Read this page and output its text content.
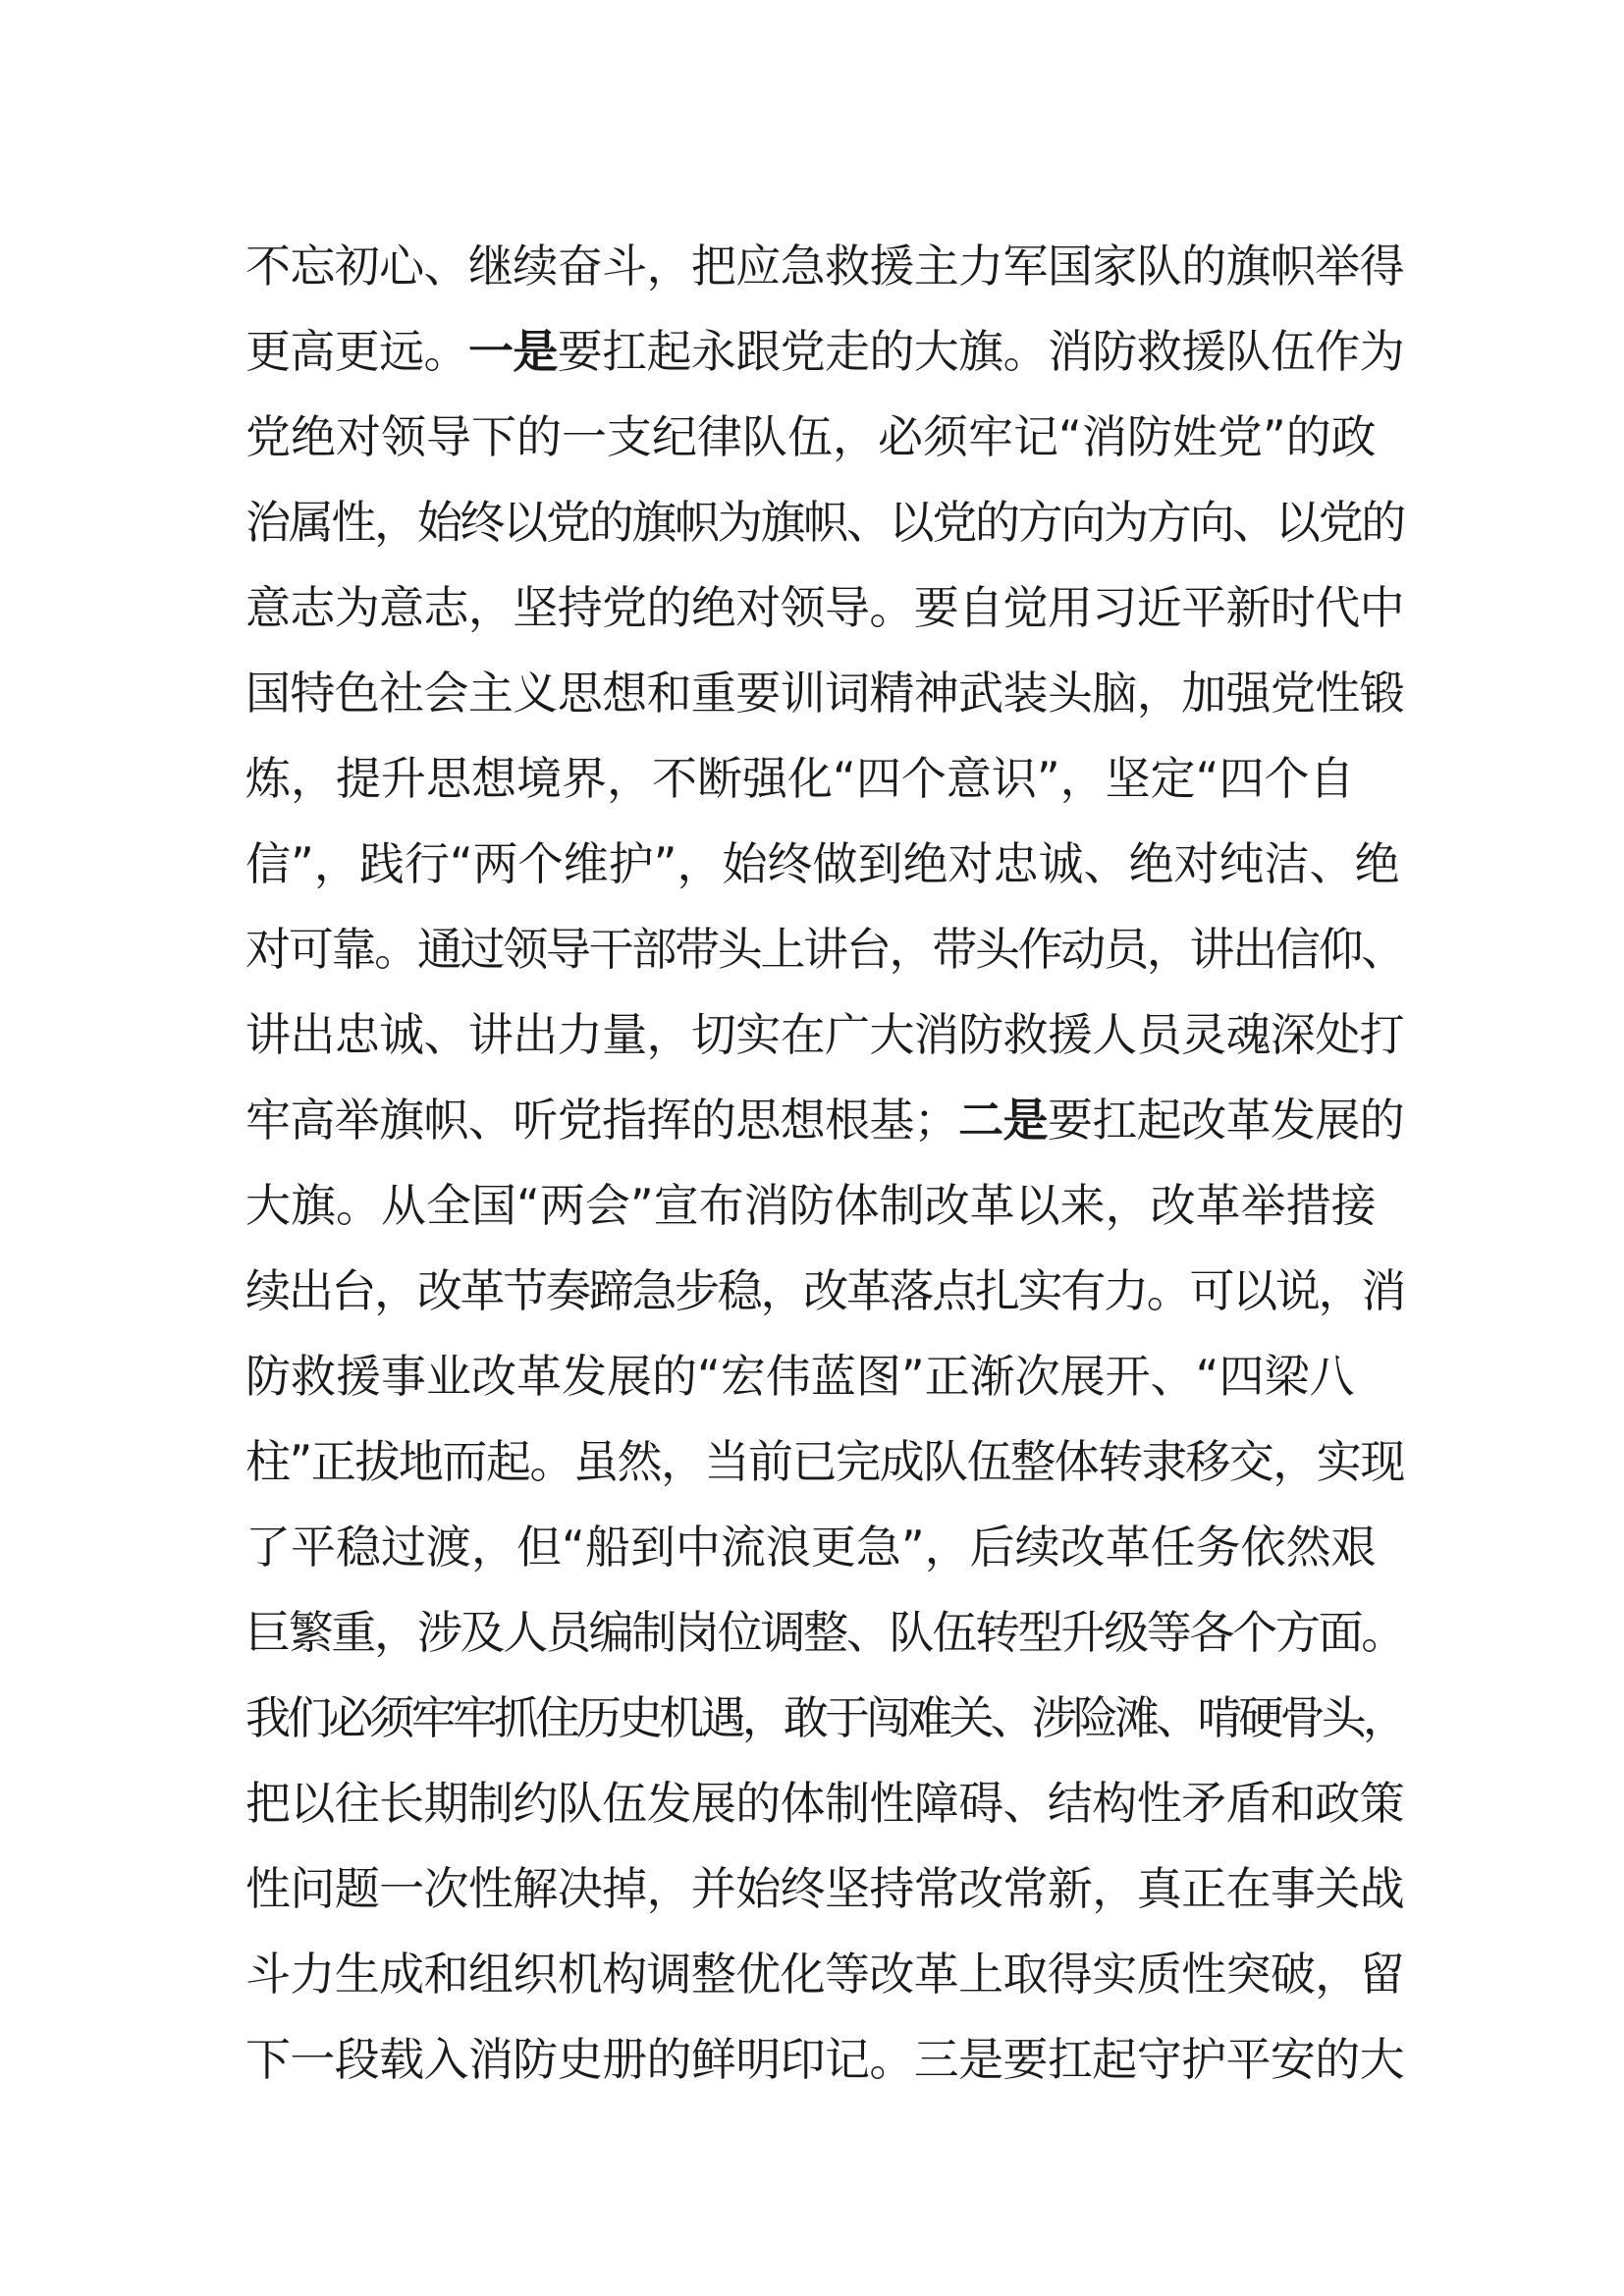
不忘初心、继续奋斗，把应急救援主力军国家队的旗帜举得
更高更远。一是要扛起永跟党走的大旗。消防救援队伍作为
党绝对领导下的一支纪律队伍，必须牢记“消防姓党”的政
治属性，始终以党的旗帜为旗帜、以党的方向为方向、以党的
意志为意志，坚持党的绝对领导。要自觉用习近平新时代中
国特色社会主义思想和重要训词精神武装头脑，加强党性锻
炼，提升思想境界，不断强化“四个意识”，坚定“四个自
信”，践行“两个维护”，始终做到绝对忠诚、绝对纯洁、绝
对可靠。通过领导干部带头上讲台，带头作动员，讲出信仰、
讲出忠诚、讲出力量，切实在广大消防救援人员灵魂深处打
牢高举旗帜、听党指挥的思想根基；二是要扛起改革发展的
大旗。从全国“两会”宣布消防体制改革以来，改革举措接
续出台，改革节奏蹄急步稳，改革落点扎实有力。可以说，消
防救援事业改革发展的“宏伟蓝图”正渐次展开、“四梁八
柱”正拔地而起。虽然，当前已完成队伍整体转隶移交，实现
了平稳过渡，但“船到中流浪更急”，后续改革任务依然艰
巨繁重，涉及人员编制岗位调整、队伍转型升级等各个方面。
我们必须牢牢抓住历史机遇，敢于闯难关、涉险滩、啃硬骨头，
把以往长期制约队伍发展的体制性障碍、结构性矛盾和政策
性问题一次性解决掉，并始终坚持常改常新，真正在事关战
斗力生成和组织机构调整优化等改革上取得实质性突破，留
下一段载入消防史册的鲜明印记。三是要扛起守护平安的大
